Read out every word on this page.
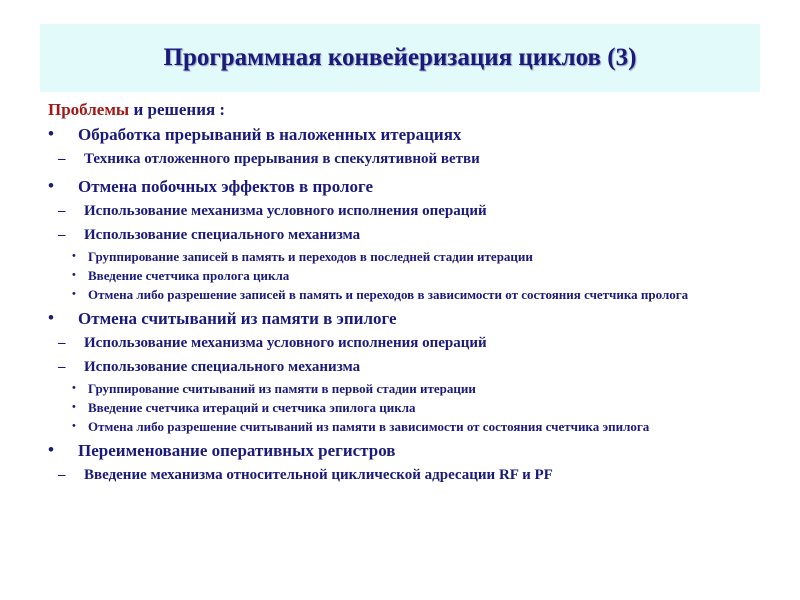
Программная конвейеризация циклов (3)
Проблемы и решения :
• Обработка прерываний в наложенных итерациях
– Техника отложенного прерывания в спекулятивной ветви
• Отмена побочных эффектов в прологе
– Использование механизма условного исполнения операций
– Использование специального механизма
• Группирование записей в память и переходов в последней стадии итерации
• Введение счетчика пролога цикла
• Отмена либо разрешение записей в память и переходов в зависимости от состояния счетчика пролога
• Отмена считываний из памяти в эпилоге
– Использование механизма условного исполнения операций
– Использование специального механизма
• Группирование считываний из памяти в первой стадии итерации
• Введение счетчика итераций и счетчика эпилога цикла
• Отмена либо разрешение считываний из памяти в зависимости от состояния счетчика эпилога
• Переименование оперативных регистров
– Введение механизма относительной циклической адресации RF и PF
